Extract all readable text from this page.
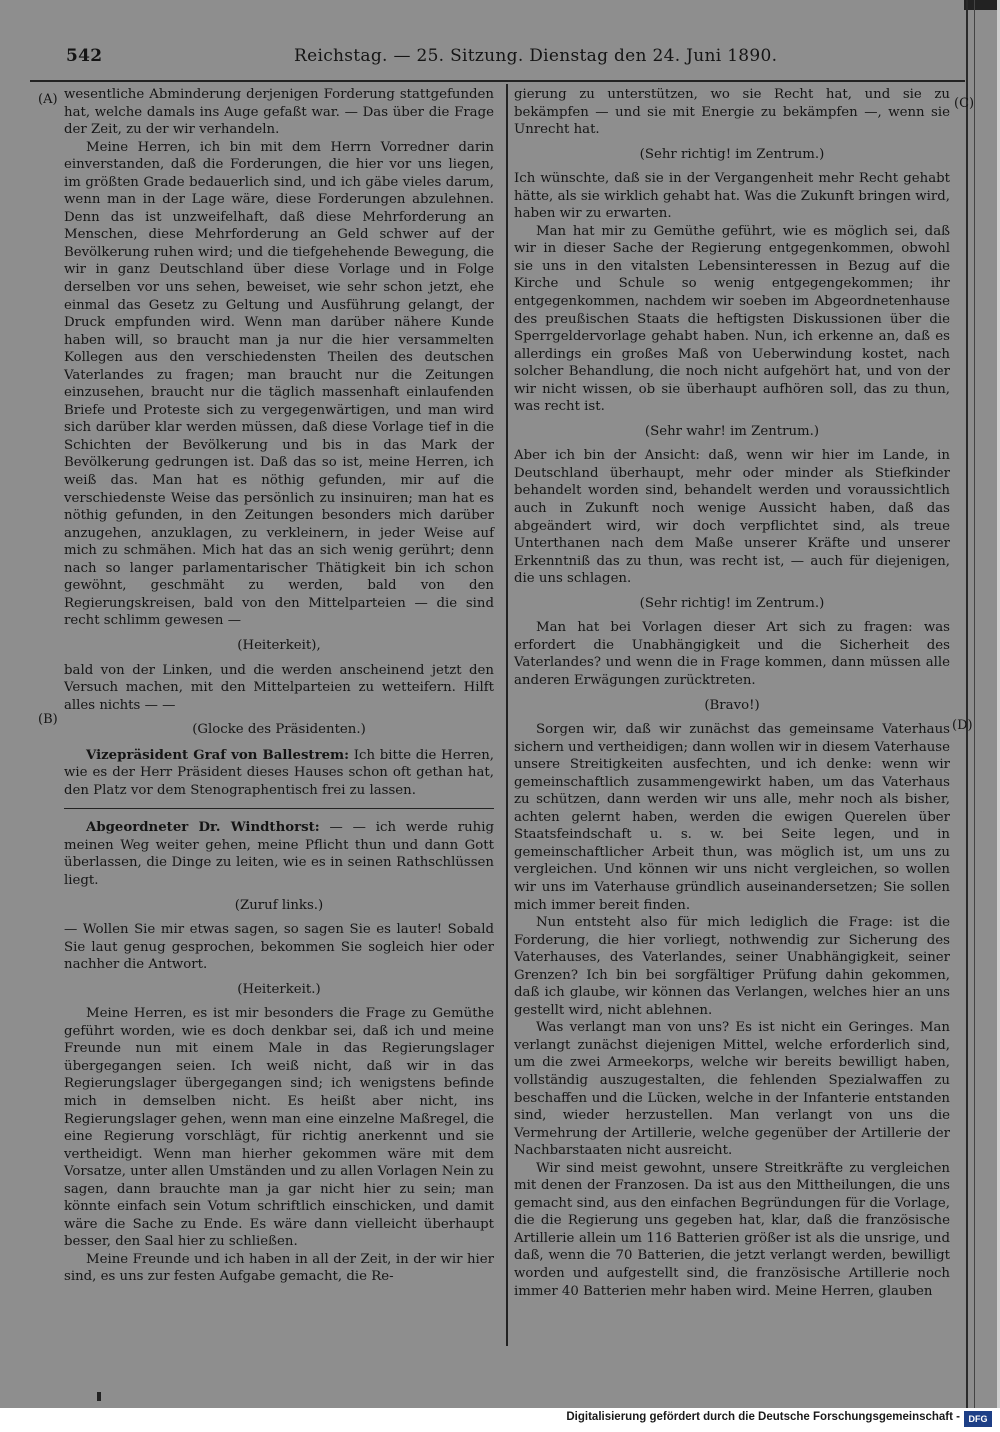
542	Reichstag. — 25. Sitzung. Dienstag den 24. Juni 1890.
(A)
(B)
(C)
(D)

wesentliche Abminderung derjenigen Forderung stattgefunden hat, welche damals ins Auge gefaßt war. — Das über die Frage der Zeit, zu der wir verhandeln.

Meine Herren, ich bin mit dem Herrn Vorredner darin einverstanden, daß die Forderungen, die hier vor uns liegen, im größten Grade bedauerlich sind, und ich gäbe vieles darum, wenn man in der Lage wäre, diese Forderungen abzulehnen. Denn das ist unzweifelhaft, daß diese Mehrforderung an Menschen, diese Mehrforderung an Geld schwer auf der Bevölkerung ruhen wird; und die tiefgehehende Bewegung, die wir in ganz Deutschland über diese Vorlage und in Folge derselben vor uns sehen, beweiset, wie sehr schon jetzt, ehe einmal das Gesetz zu Geltung und Ausführung gelangt, der Druck empfunden wird. Wenn man darüber nähere Kunde haben will, so braucht man ja nur die hier versammelten Kollegen aus den verschiedensten Theilen des deutschen Vaterlandes zu fragen; man braucht nur die Zeitungen einzusehen, braucht nur die täglich massenhaft einlaufenden Briefe und Proteste sich zu vergegenwärtigen, und man wird sich darüber klar werden müssen, daß diese Vorlage tief in die Schichten der Bevölkerung und bis in das Mark der Bevölkerung gedrungen ist. Daß das so ist, meine Herren, ich weiß das. Man hat es nöthig gefunden, mir auf die verschiedenste Weise das persönlich zu insinuiren; man hat es nöthig gefunden, in den Zeitungen besonders mich darüber anzugehen, anzuklagen, zu verkleinern, in jeder Weise auf mich zu schmähen. Mich hat das an sich wenig gerührt; denn nach so langer parlamentarischer Thätigkeit bin ich schon gewöhnt, geschmäht zu werden, bald von den Regierungskreisen, bald von den Mittelparteien — die sind recht schlimm gewesen —

(Heiterkeit),

bald von der Linken, und die werden anscheinend jetzt den Versuch machen, mit den Mittelparteien zu wetteifern. Hilft alles nichts — —

(Glocke des Präsidenten.)

Vizepräsident Graf von Ballestrem: Ich bitte die Herren, wie es der Herr Präsident dieses Hauses schon oft gethan hat, den Platz vor dem Stenographentisch frei zu lassen.

Abgeordneter Dr. Windthorst: — — ich werde ruhig meinen Weg weiter gehen, meine Pflicht thun und dann Gott überlassen, die Dinge zu leiten, wie es in seinen Rathschlüssen liegt.

(Zuruf links.)

— Wollen Sie mir etwas sagen, so sagen Sie es lauter! Sobald Sie laut genug gesprochen, bekommen Sie sogleich hier oder nachher die Antwort.

(Heiterkeit.)

Meine Herren, es ist mir besonders die Frage zu Gemüthe geführt worden, wie es doch denkbar sei, daß ich und meine Freunde nun mit einem Male in das Regierungslager übergegangen seien. Ich weiß nicht, daß wir in das Regierungslager übergegangen sind; ich wenigstens befinde mich in demselben nicht. Es heißt aber nicht, ins Regierungslager gehen, wenn man eine einzelne Maßregel, die eine Regierung vorschlägt, für richtig anerkennt und sie vertheidigt. Wenn man hierher gekommen wäre mit dem Vorsatze, unter allen Umständen und zu allen Vorlagen Nein zu sagen, dann brauchte man ja gar nicht hier zu sein; man könnte einfach sein Votum schriftlich einschicken, und damit wäre die Sache zu Ende. Es wäre dann vielleicht überhaupt besser, den Saal hier zu schließen.

Meine Freunde und ich haben in all der Zeit, in der wir hier sind, es uns zur festen Aufgabe gemacht, die Re-

gierung zu unterstützen, wo sie Recht hat, und sie zu bekämpfen — und sie mit Energie zu bekämpfen —, wenn sie Unrecht hat.

(Sehr richtig! im Zentrum.)

Ich wünschte, daß sie in der Vergangenheit mehr Recht gehabt hätte, als sie wirklich gehabt hat. Was die Zukunft bringen wird, haben wir zu erwarten.

Man hat mir zu Gemüthe geführt, wie es möglich sei, daß wir in dieser Sache der Regierung entgegenkommen, obwohl sie uns in den vitalsten Lebensinteressen in Bezug auf die Kirche und Schule so wenig entgegengekommen; ihr entgegenkommen, nachdem wir soeben im Abgeordnetenhause des preußischen Staats die heftigsten Diskussionen über die Sperrgeldervorlage gehabt haben. Nun, ich erkenne an, daß es allerdings ein großes Maß von Ueberwindung kostet, nach solcher Behandlung, die noch nicht aufgehört hat, und von der wir nicht wissen, ob sie überhaupt aufhören soll, das zu thun, was recht ist.

(Sehr wahr! im Zentrum.)

Aber ich bin der Ansicht: daß, wenn wir hier im Lande, in Deutschland überhaupt, mehr oder minder als Stiefkinder behandelt worden sind, behandelt werden und voraussichtlich auch in Zukunft noch wenige Aussicht haben, daß das abgeändert wird, wir doch verpflichtet sind, als treue Unterthanen nach dem Maße unserer Kräfte und unserer Erkenntniß das zu thun, was recht ist, — auch für diejenigen, die uns schlagen.

(Sehr richtig! im Zentrum.)

Man hat bei Vorlagen dieser Art sich zu fragen: was erfordert die Unabhängigkeit und die Sicherheit des Vaterlandes? und wenn die in Frage kommen, dann müssen alle anderen Erwägungen zurücktreten.

(Bravo!)

Sorgen wir, daß wir zunächst das gemeinsame Vaterhaus sichern und vertheidigen; dann wollen wir in diesem Vaterhause unsere Streitigkeiten ausfechten, und ich denke: wenn wir gemeinschaftlich zusammengewirkt haben, um das Vaterhaus zu schützen, dann werden wir uns alle, mehr noch als bisher, achten gelernt haben, werden die ewigen Querelen über Staatsfeindschaft u. s. w. bei Seite legen, und in gemeinschaftlicher Arbeit thun, was möglich ist, um uns zu vergleichen. Und können wir uns nicht vergleichen, so wollen wir uns im Vaterhause gründlich auseinandersetzen; Sie sollen mich immer bereit finden.

Nun entsteht also für mich lediglich die Frage: ist die Forderung, die hier vorliegt, nothwendig zur Sicherung des Vaterhauses, des Vaterlandes, seiner Unabhängigkeit, seiner Grenzen? Ich bin bei sorgfältiger Prüfung dahin gekommen, daß ich glaube, wir können das Verlangen, welches hier an uns gestellt wird, nicht ablehnen.

Was verlangt man von uns? Es ist nicht ein Geringes. Man verlangt zunächst diejenigen Mittel, welche erforderlich sind, um die zwei Armeekorps, welche wir bereits bewilligt haben, vollständig auszugestalten, die fehlenden Spezialwaffen zu beschaffen und die Lücken, welche in der Infanterie entstanden sind, wieder herzustellen. Man verlangt von uns die Vermehrung der Artillerie, welche gegenüber der Artillerie der Nachbarstaaten nicht ausreicht.

Wir sind meist gewohnt, unsere Streitkräfte zu vergleichen mit denen der Franzosen. Da ist aus den Mittheilungen, die uns gemacht sind, aus den einfachen Begründungen für die Vorlage, die die Regierung uns gegeben hat, klar, daß die französische Artillerie allein um 116 Batterien größer ist als die unsrige, und daß, wenn die 70 Batterien, die jetzt verlangt werden, bewilligt worden und aufgestellt sind, die französische Artillerie noch immer 40 Batterien mehr haben wird. Meine Herren, glauben

Digitalisierung gefördert durch die Deutsche Forschungsgemeinschaft - DFG
